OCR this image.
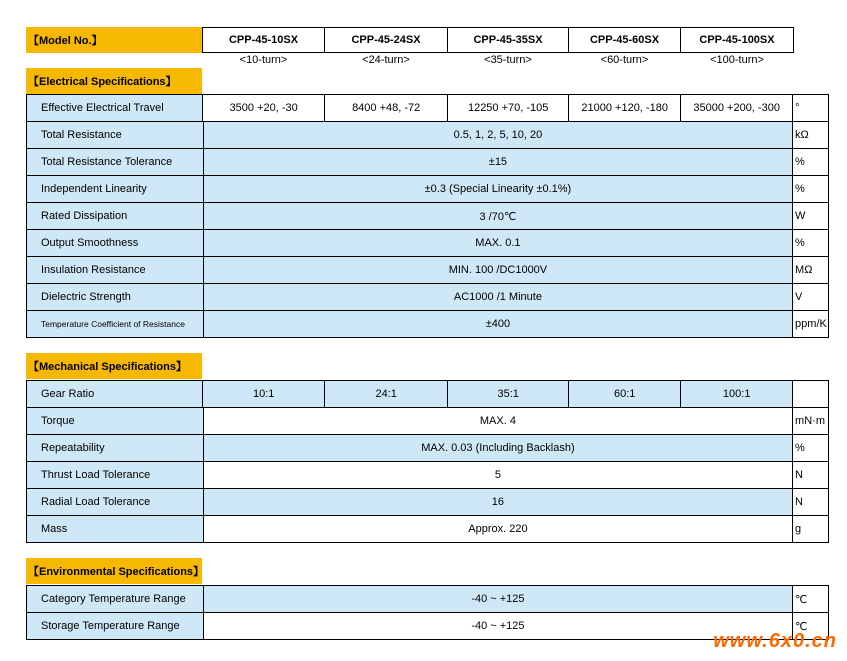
【Model No.】	CPP-45-10SX	CPP-45-24SX	CPP-45-35SX	CPP-45-60SX	CPP-45-100SX
<10-turn>	<24-turn>	<35-turn>	<60-turn>	<100-turn>
【Electrical Specifications】
Effective Electrical Travel	3500 +20, -30	8400 +48, -72	12250 +70, -105	21000 +120, -180	35000 +200, -300	°
Total Resistance	0.5, 1, 2, 5, 10, 20	kΩ
Total Resistance Tolerance	±15	%
Independent Linearity	±0.3 (Special Linearity ±0.1%)	%
Rated Dissipation	3 /70℃	W
Output Smoothness	MAX. 0.1	%
Insulation Resistance	MIN. 100 /DC1000V	MΩ
Dielectric Strength	AC1000 /1 Minute	V
Temperature Coefficient of Resistance	±400	ppm/K
【Mechanical Specifications】
Gear Ratio	10:1	24:1	35:1	60:1	100:1
Torque	MAX. 4	mN·m
Repeatability	MAX. 0.03 (Including Backlash)	%
Thrust Load Tolerance	5	N
Radial Load Tolerance	16	N
Mass	Approx. 220	g
【Environmental Specifications】
Category Temperature Range	-40 ~ +125	℃
Storage Temperature Range	-40 ~ +125	℃
www.6x0.cn
